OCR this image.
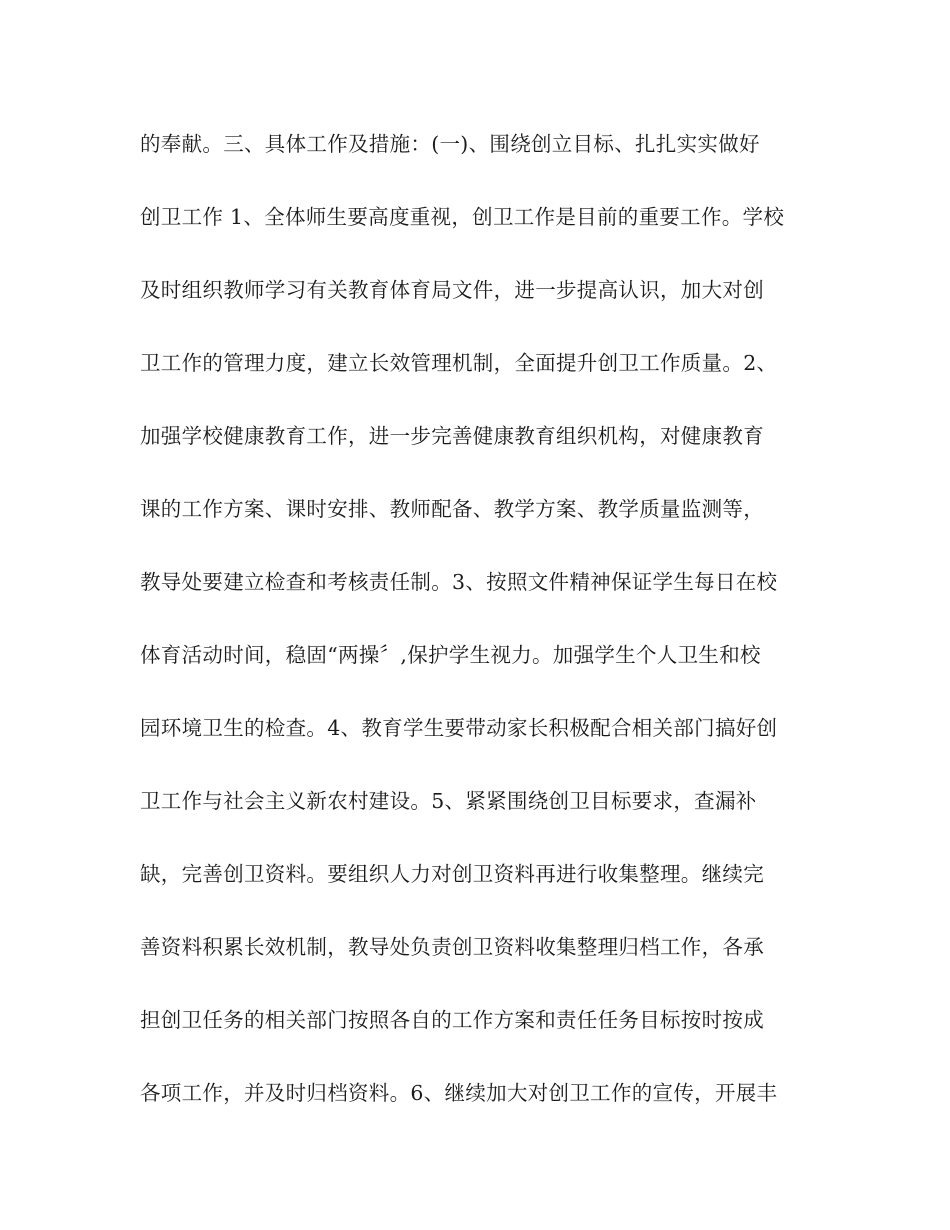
的奉献。三、具体工作及措施：(一)、围绕创立目标、扎扎实实做好
创卫工作 1、全体师生要高度重视，创卫工作是目前的重要工作。学校
及时组织教师学习有关教育体育局文件，进一步提高认识，加大对创
卫工作的管理力度，建立长效管理机制，全面提升创卫工作质量。2、
加强学校健康教育工作，进一步完善健康教育组织机构，对健康教育
课的工作方案、课时安排、教师配备、教学方案、教学质量监测等，
教导处要建立检查和考核责任制。3、按照文件精神保证学生每日在校
体育活动时间，稳固“两操〞,保护学生视力。加强学生个人卫生和校
园环境卫生的检查。4、教育学生要带动家长积极配合相关部门搞好创
卫工作与社会主义新农村建设。5、紧紧围绕创卫目标要求，查漏补
缺，完善创卫资料。要组织人力对创卫资料再进行收集整理。继续完
善资料积累长效机制，教导处负责创卫资料收集整理归档工作，各承
担创卫任务的相关部门按照各自的工作方案和责任任务目标按时按成
各项工作，并及时归档资料。6、继续加大对创卫工作的宣传，开展丰
